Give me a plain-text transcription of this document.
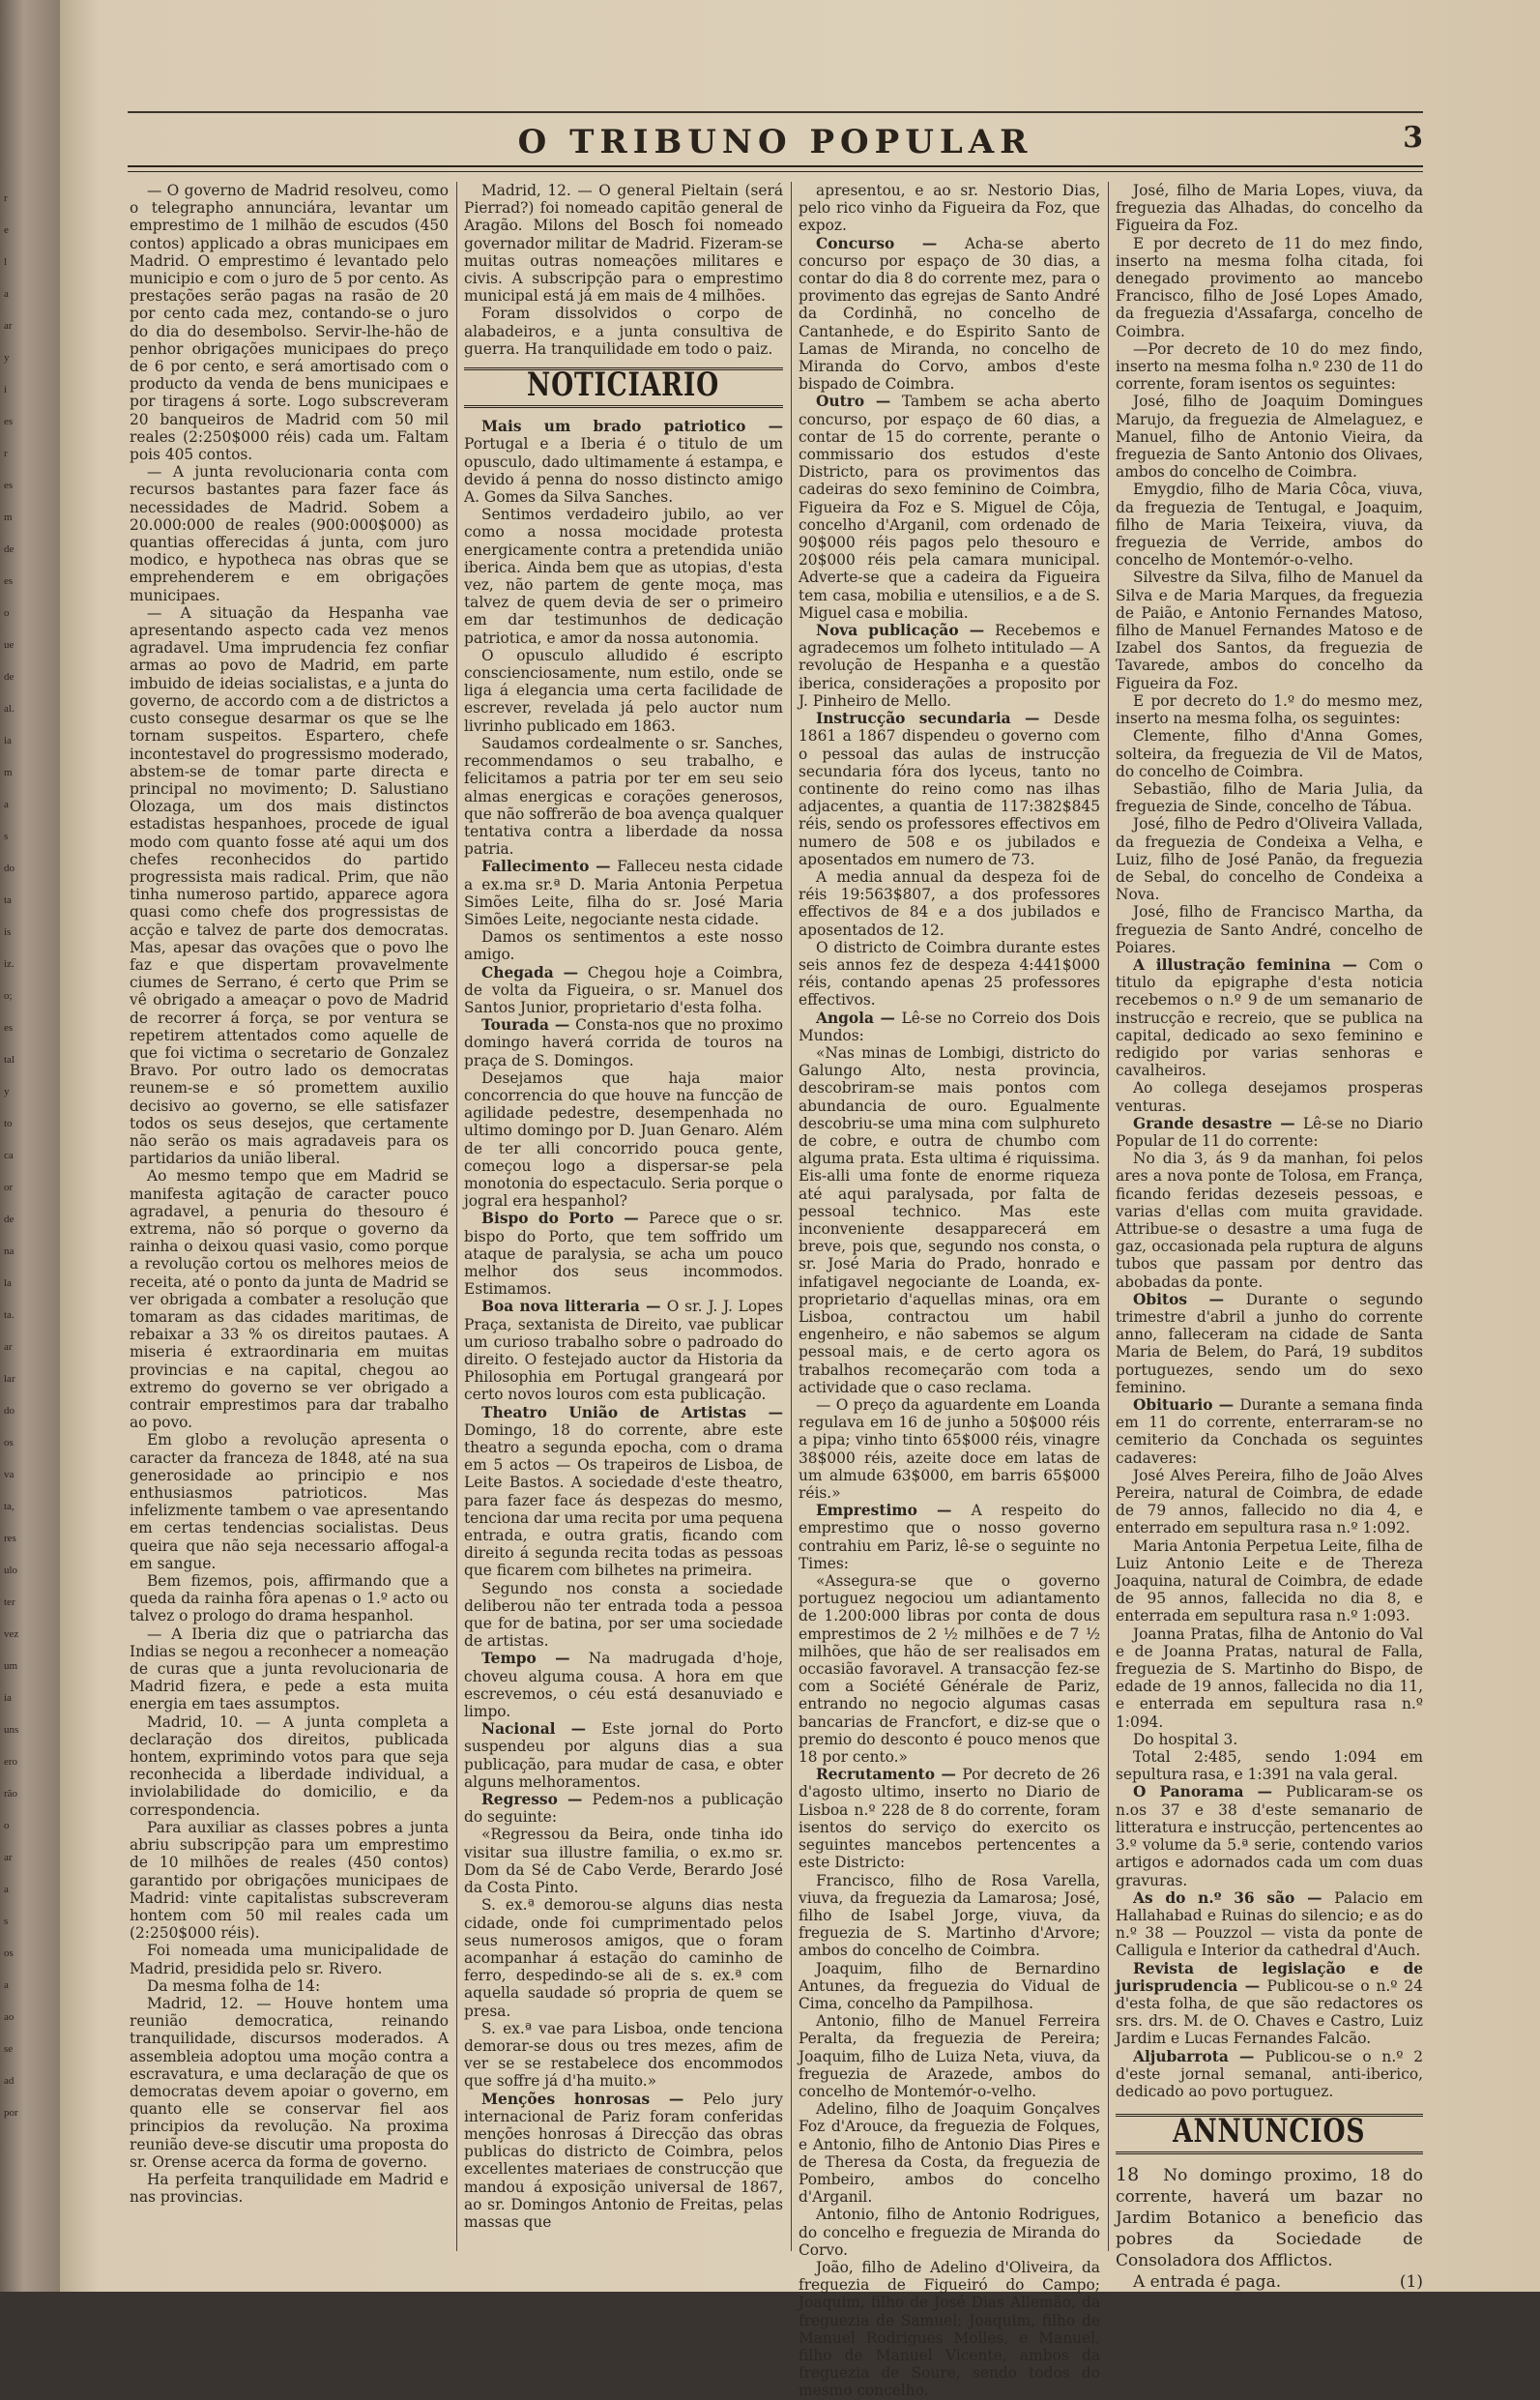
r
e
l
a
ar
y
i
es
r
es
m
de
es
o
ue
de
al.
ia
m
a
s
do
ta
is
iz.
o;
es
tal
y
to
ca
or
de
na
la
ta.
ar
lar
do
os
va
ta,
res
ulo
ter
vez
um
ia
uns
ero
rão
o
ar
a
s
os
a
ao
se
ad
por
O TRIBUNO POPULAR	3

— O governo de Madrid resolveu, como o telegrapho annunciára, levantar um emprestimo de 1 milhão de escudos (450 contos) applicado a obras municipaes em Madrid. O emprestimo é levantado pelo municipio e com o juro de 5 por cento. As prestações serão pagas na rasão de 20 por cento cada mez, contando-se o juro do dia do desembolso. Servir-lhe-hão de penhor obrigações municipaes do preço de 6 por cento, e será amortisado com o producto da venda de bens municipaes e por tiragens á sorte. Logo subscreveram 20 banqueiros de Madrid com 50 mil reales (2:250$000 réis) cada um. Faltam pois 405 contos.

— A junta revolucionaria conta com recursos bastantes para fazer face ás necessidades de Madrid. Sobem a 20.000:000 de reales (900:000$000) as quantias offerecidas á junta, com juro modico, e hypotheca nas obras que se emprehenderem e em obrigações municipaes.

— A situação da Hespanha vae apresentando aspecto cada vez menos agradavel. Uma imprudencia fez confiar armas ao povo de Madrid, em parte imbuido de ideias socialistas, e a junta do governo, de accordo com a de districtos a custo consegue desarmar os que se lhe tornam suspeitos. Espartero, chefe incontestavel do progressismo moderado, abstem-se de tomar parte directa e principal no movimento; D. Salustiano Olozaga, um dos mais distinctos estadistas hespanhoes, procede de igual modo com quanto fosse até aqui um dos chefes reconhecidos do partido progressista mais radical. Prim, que não tinha numeroso partido, apparece agora quasi como chefe dos progressistas de acção e talvez de parte dos democratas. Mas, apesar das ovações que o povo lhe faz e que dispertam provavelmente ciumes de Serrano, é certo que Prim se vê obrigado a ameaçar o povo de Madrid de recorrer á força, se por ventura se repetirem attentados como aquelle de que foi victima o secretario de Gonzalez Bravo. Por outro lado os democratas reunem-se e só promettem auxilio decisivo ao governo, se elle satisfazer todos os seus desejos, que certamente não serão os mais agradaveis para os partidarios da união liberal.

Ao mesmo tempo que em Madrid se manifesta agitação de caracter pouco agradavel, a penuria do thesouro é extrema, não só porque o governo da rainha o deixou quasi vasio, como porque a revolução cortou os melhores meios de receita, até o ponto da junta de Madrid se ver obrigada a combater a resolução que tomaram as das cidades maritimas, de rebaixar a 33 % os direitos pautaes. A miseria é extraordinaria em muitas provincias e na capital, chegou ao extremo do governo se ver obrigado a contrair emprestimos para dar trabalho ao povo.

Em globo a revolução apresenta o caracter da franceza de 1848, até na sua generosidade ao principio e nos enthusiasmos patrioticos. Mas infelizmente tambem o vae apresentando em certas tendencias socialistas. Deus queira que não seja necessario affogal-a em sangue.

Bem fizemos, pois, affirmando que a queda da rainha fôra apenas o 1.º acto ou talvez o prologo do drama hespanhol.

— A Iberia diz que o patriarcha das Indias se negou a reconhecer a nomeação de curas que a junta revolucionaria de Madrid fizera, e pede a esta muita energia em taes assumptos.

Madrid, 10. — A junta completa a declaração dos direitos, publicada hontem, exprimindo votos para que seja reconhecida a liberdade individual, a inviolabilidade do domicilio, e da correspondencia.

Para auxiliar as classes pobres a junta abriu subscripção para um emprestimo de 10 milhões de reales (450 contos) garantido por obrigações municipaes de Madrid: vinte capitalistas subscreveram hontem com 50 mil reales cada um (2:250$000 réis).

Foi nomeada uma municipalidade de Madrid, presidida pelo sr. Rivero.

Da mesma folha de 14:

Madrid, 12. — Houve hontem uma reunião democratica, reinando tranquilidade, discursos moderados. A assembleia adoptou uma moção contra a escravatura, e uma declaração de que os democratas devem apoiar o governo, em quanto elle se conservar fiel aos principios da revolução. Na proxima reunião deve-se discutir uma proposta do sr. Orense acerca da forma de governo.

Ha perfeita tranquilidade em Madrid e nas provincias.

Madrid, 12. — O general Pieltain (será Pierrad?) foi nomeado capitão general de Aragão. Milons del Bosch foi nomeado governador militar de Madrid. Fizeram-se muitas outras nomeações militares e civis. A subscripção para o emprestimo municipal está já em mais de 4 milhões.

Foram dissolvidos o corpo de alabadeiros, e a junta consultiva de guerra. Ha tranquilidade em todo o paiz.

NOTICIARIO

Mais um brado patriotico — Portugal e a Iberia é o titulo de um opusculo, dado ultimamente á estampa, e devido á penna do nosso distincto amigo A. Gomes da Silva Sanches.

Sentimos verdadeiro jubilo, ao ver como a nossa mocidade protesta energicamente contra a pretendida união iberica. Ainda bem que as utopias, d'esta vez, não partem de gente moça, mas talvez de quem devia de ser o primeiro em dar testimunhos de dedicação patriotica, e amor da nossa autonomia.

O opusculo alludido é escripto conscienciosamente, num estilo, onde se liga á elegancia uma certa facilidade de escrever, revelada já pelo auctor num livrinho publicado em 1863.

Saudamos cordealmente o sr. Sanches, recommendamos o seu trabalho, e felicitamos a patria por ter em seu seio almas energicas e corações generosos, que não soffrerão de boa avença qualquer tentativa contra a liberdade da nossa patria.

Fallecimento — Falleceu nesta cidade a ex.ma sr.ª D. Maria Antonia Perpetua Simões Leite, filha do sr. José Maria Simões Leite, negociante nesta cidade.

Damos os sentimentos a este nosso amigo.

Chegada — Chegou hoje a Coimbra, de volta da Figueira, o sr. Manuel dos Santos Junior, proprietario d'esta folha.

Tourada — Consta-nos que no proximo domingo haverá corrida de touros na praça de S. Domingos.

Desejamos que haja maior concorrencia do que houve na funcção de agilidade pedestre, desempenhada no ultimo domingo por D. Juan Genaro. Além de ter alli concorrido pouca gente, começou logo a dispersar-se pela monotonia do espectaculo. Seria porque o jogral era hespanhol?

Bispo do Porto — Parece que o sr. bispo do Porto, que tem soffrido um ataque de paralysia, se acha um pouco melhor dos seus incommodos. Estimamos.

Boa nova litteraria — O sr. J. J. Lopes Praça, sextanista de Direito, vae publicar um curioso trabalho sobre o padroado do direito. O festejado auctor da Historia da Philosophia em Portugal grangeará por certo novos louros com esta publicação.

Theatro União de Artistas — Domingo, 18 do corrente, abre este theatro a segunda epocha, com o drama em 5 actos — Os trapeiros de Lisboa, de Leite Bastos. A sociedade d'este theatro, para fazer face ás despezas do mesmo, tenciona dar uma recita por uma pequena entrada, e outra gratis, ficando com direito á segunda recita todas as pessoas que ficarem com bilhetes na primeira.

Segundo nos consta a sociedade deliberou não ter entrada toda a pessoa que for de batina, por ser uma sociedade de artistas.

Tempo — Na madrugada d'hoje, choveu alguma cousa. A hora em que escrevemos, o céu está desanuviado e limpo.

Nacional — Este jornal do Porto suspendeu por alguns dias a sua publicação, para mudar de casa, e obter alguns melhoramentos.

Regresso — Pedem-nos a publicação do seguinte:

«Regressou da Beira, onde tinha ido visitar sua illustre familia, o ex.mo sr. Dom da Sé de Cabo Verde, Berardo José da Costa Pinto.

S. ex.ª demorou-se alguns dias nesta cidade, onde foi cumprimentado pelos seus numerosos amigos, que o foram acompanhar á estação do caminho de ferro, despedindo-se ali de s. ex.ª com aquella saudade só propria de quem se presa.

S. ex.ª vae para Lisboa, onde tenciona demorar-se dous ou tres mezes, afim de ver se se restabelece dos encommodos que soffre já d'ha muito.»

Menções honrosas — Pelo jury internacional de Pariz foram conferidas menções honrosas á Direcção das obras publicas do districto de Coimbra, pelos excellentes materiaes de construcção que mandou á exposição universal de 1867, ao sr. Domingos Antonio de Freitas, pelas massas que

apresentou, e ao sr. Nestorio Dias, pelo rico vinho da Figueira da Foz, que expoz.

Concurso — Acha-se aberto concurso por espaço de 30 dias, a contar do dia 8 do corrente mez, para o provimento das egrejas de Santo André da Cordinhã, no concelho de Cantanhede, e do Espirito Santo de Lamas de Miranda, no concelho de Miranda do Corvo, ambos d'este bispado de Coimbra.

Outro — Tambem se acha aberto concurso, por espaço de 60 dias, a contar de 15 do corrente, perante o commissario dos estudos d'este Districto, para os provimentos das cadeiras do sexo feminino de Coimbra, Figueira da Foz e S. Miguel de Côja, concelho d'Arganil, com ordenado de 90$000 réis pagos pelo thesouro e 20$000 réis pela camara municipal. Adverte-se que a cadeira da Figueira tem casa, mobilia e utensilios, e a de S. Miguel casa e mobilia.

Nova publicação — Recebemos e agradecemos um folheto intitulado — A revolução de Hespanha e a questão iberica, considerações a proposito por J. Pinheiro de Mello.

Instrucção secundaria — Desde 1861 a 1867 dispendeu o governo com o pessoal das aulas de instrucção secundaria fóra dos lyceus, tanto no continente do reino como nas ilhas adjacentes, a quantia de 117:382$845 réis, sendo os professores effectivos em numero de 508 e os jubilados e aposentados em numero de 73.

A media annual da despeza foi de réis 19:563$807, a dos professores effectivos de 84 e a dos jubilados e aposentados de 12.

O districto de Coimbra durante estes seis annos fez de despeza 4:441$000 réis, contando apenas 25 professores effectivos.

Angola — Lê-se no Correio dos Dois Mundos:

«Nas minas de Lombigi, districto do Galungo Alto, nesta provincia, descobriram-se mais pontos com abundancia de ouro. Egualmente descobriu-se uma mina com sulphureto de cobre, e outra de chumbo com alguma prata. Esta ultima é riquissima. Eis-alli uma fonte de enorme riqueza até aqui paralysada, por falta de pessoal technico. Mas este inconveniente desapparecerá em breve, pois que, segundo nos consta, o sr. José Maria do Prado, honrado e infatigavel negociante de Loanda, ex-proprietario d'aquellas minas, ora em Lisboa, contractou um habil engenheiro, e não sabemos se algum pessoal mais, e de certo agora os trabalhos recomeçarão com toda a actividade que o caso reclama.

— O preço da aguardente em Loanda regulava em 16 de junho a 50$000 réis a pipa; vinho tinto 65$000 réis, vinagre 38$000 réis, azeite doce em latas de um almude 63$000, em barris 65$000 réis.»

Emprestimo — A respeito do emprestimo que o nosso governo contrahiu em Pariz, lê-se o seguinte no Times:

«Assegura-se que o governo portuguez negociou um adiantamento de 1.200:000 libras por conta de dous emprestimos de 2 ½ milhões e de 7 ½ milhões, que hão de ser realisados em occasião favoravel. A transacção fez-se com a Société Générale de Pariz, entrando no negocio algumas casas bancarias de Francfort, e diz-se que o premio do desconto é pouco menos que 18 por cento.»

Recrutamento — Por decreto de 26 d'agosto ultimo, inserto no Diario de Lisboa n.º 228 de 8 do corrente, foram isentos do serviço do exercito os seguintes mancebos pertencentes a este Districto:

Francisco, filho de Rosa Varella, viuva, da freguezia da Lamarosa; José, filho de Isabel Jorge, viuva, da freguezia de S. Martinho d'Arvore; ambos do concelho de Coimbra.

Joaquim, filho de Bernardino Antunes, da freguezia do Vidual de Cima, concelho da Pampilhosa.

Antonio, filho de Manuel Ferreira Peralta, da freguezia de Pereira; Joaquim, filho de Luiza Neta, viuva, da freguezia de Arazede, ambos do concelho de Montemór-o-velho.

Adelino, filho de Joaquim Gonçalves Foz d'Arouce, da freguezia de Folques, e Antonio, filho de Antonio Dias Pires e de Theresa da Costa, da freguezia de Pombeiro, ambos do concelho d'Arganil.

Antonio, filho de Antonio Rodrigues, do concelho e freguezia de Miranda do Corvo.

João, filho de Adelino d'Oliveira, da freguezia de Figueiró do Campo; Joaquim, filho de José Dias Allemão, da freguezia de Samuel; Joaquim, filho de Manuel Rodrigues Molles, e Manuel, filho de Manuel Vicente, ambos da freguezia de Soure, sendo todos do mesmo concelho.

José, filho de Maria Lopes, viuva, da freguezia das Alhadas, do concelho da Figueira da Foz.

E por decreto de 11 do mez findo, inserto na mesma folha citada, foi denegado provimento ao mancebo Francisco, filho de José Lopes Amado, da freguezia d'Assafarga, concelho de Coimbra.

—Por decreto de 10 do mez findo, inserto na mesma folha n.º 230 de 11 do corrente, foram isentos os seguintes:

José, filho de Joaquim Domingues Marujo, da freguezia de Almelaguez, e Manuel, filho de Antonio Vieira, da freguezia de Santo Antonio dos Olivaes, ambos do concelho de Coimbra.

Emygdio, filho de Maria Côca, viuva, da freguezia de Tentugal, e Joaquim, filho de Maria Teixeira, viuva, da freguezia de Verride, ambos do concelho de Montemór-o-velho.

Silvestre da Silva, filho de Manuel da Silva e de Maria Marques, da freguezia de Paião, e Antonio Fernandes Matoso, filho de Manuel Fernandes Matoso e de Izabel dos Santos, da freguezia de Tavarede, ambos do concelho da Figueira da Foz.

E por decreto do 1.º do mesmo mez, inserto na mesma folha, os seguintes:

Clemente, filho d'Anna Gomes, solteira, da freguezia de Vil de Matos, do concelho de Coimbra.

Sebastião, filho de Maria Julia, da freguezia de Sinde, concelho de Tábua.

José, filho de Pedro d'Oliveira Vallada, da freguezia de Condeixa a Velha, e Luiz, filho de José Panão, da freguezia de Sebal, do concelho de Condeixa a Nova.

José, filho de Francisco Martha, da freguezia de Santo André, concelho de Poiares.

A illustração feminina — Com o titulo da epigraphe d'esta noticia recebemos o n.º 9 de um semanario de instrucção e recreio, que se publica na capital, dedicado ao sexo feminino e redigido por varias senhoras e cavalheiros.

Ao collega desejamos prosperas venturas.

Grande desastre — Lê-se no Diario Popular de 11 do corrente:

No dia 3, ás 9 da manhan, foi pelos ares a nova ponte de Tolosa, em França, ficando feridas dezeseis pessoas, e varias d'ellas com muita gravidade. Attribue-se o desastre a uma fuga de gaz, occasionada pela ruptura de alguns tubos que passam por dentro das abobadas da ponte.

Obitos — Durante o segundo trimestre d'abril a junho do corrente anno, falleceram na cidade de Santa Maria de Belem, do Pará, 19 subditos portuguezes, sendo um do sexo feminino.

Obituario — Durante a semana finda em 11 do corrente, enterraram-se no cemiterio da Conchada os seguintes cadaveres:

José Alves Pereira, filho de João Alves Pereira, natural de Coimbra, de edade de 79 annos, fallecido no dia 4, e enterrado em sepultura rasa n.º 1:092.

Maria Antonia Perpetua Leite, filha de Luiz Antonio Leite e de Thereza Joaquina, natural de Coimbra, de edade de 95 annos, fallecida no dia 8, e enterrada em sepultura rasa n.º 1:093.

Joanna Pratas, filha de Antonio do Val e de Joanna Pratas, natural de Falla, freguezia de S. Martinho do Bispo, de edade de 19 annos, fallecida no dia 11, e enterrada em sepultura rasa n.º 1:094.

Do hospital 3.

Total 2:485, sendo 1:094 em sepultura rasa, e 1:391 na vala geral.

O Panorama — Publicaram-se os n.os 37 e 38 d'este semanario de litteratura e instrucção, pertencentes ao 3.º volume da 5.ª serie, contendo varios artigos e adornados cada um com duas gravuras.

As do n.º 36 são — Palacio em Hallahabad e Ruinas do silencio; e as do n.º 38 — Pouzzol — vista da ponte de Calligula e Interior da cathedral d'Auch.

Revista de legislação e de jurisprudencia — Publicou-se o n.º 24 d'esta folha, de que são redactores os srs. drs. M. de O. Chaves e Castro, Luiz Jardim e Lucas Fernandes Falcão.

Aljubarrota — Publicou-se o n.º 2 d'este jornal semanal, anti-iberico, dedicado ao povo portuguez.

ANNUNCIOS

18 No domingo proximo, 18 do corrente, haverá um bazar no Jardim Botanico a beneficio das pobres da Sociedade de Consoladora dos Afflictos.

A entrada é paga.	(1)
